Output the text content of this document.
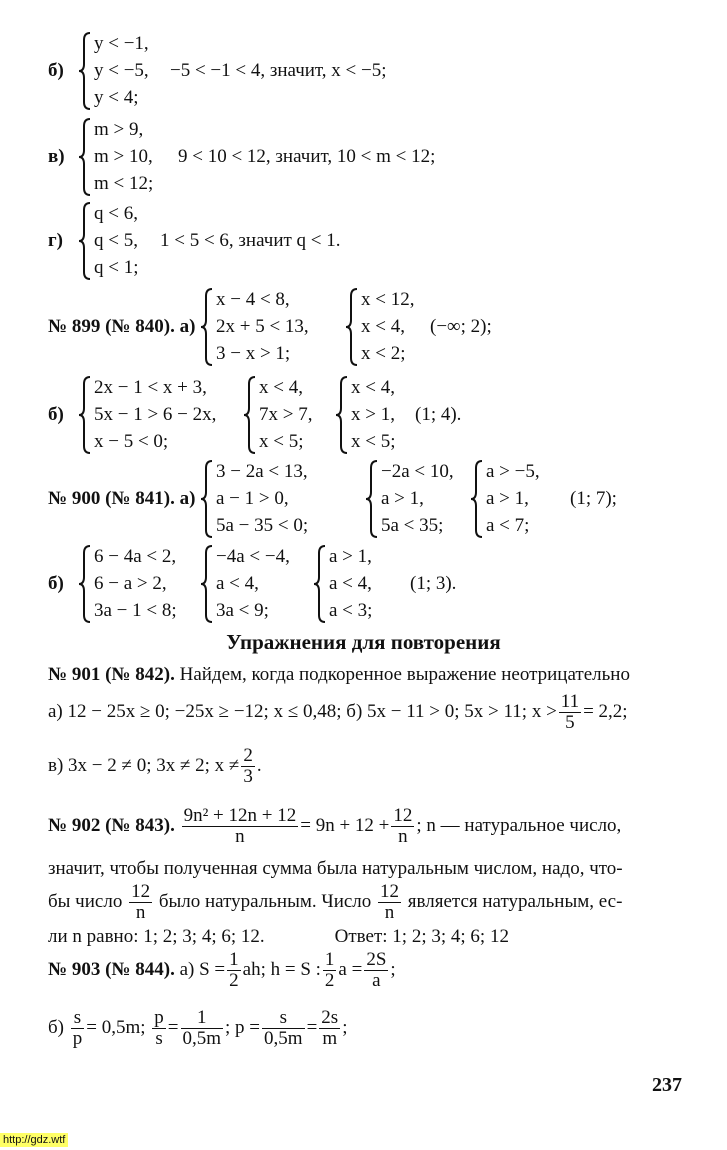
б)
y < −1,
y < −5,
y < 4;
−5 < −1 < 4, значит, x < −5;
в)
m > 9,
m > 10,
m < 12;
9 < 10 < 12, значит, 10 < m < 12;
г)
q < 6,
q < 5,
q < 1;
1 < 5 < 6, значит q < 1.
№ 899 (№ 840). а)
x − 4 < 8,
2x + 5 < 13,
3 − x > 1;
x < 12,
x < 4,
x < 2;
(−∞; 2);
б)
2x − 1 < x + 3,
5x − 1 > 6 − 2x,
x − 5 < 0;
x < 4,
7x > 7,
x < 5;
x < 4,
x > 1,
x < 5;
(1; 4).
№ 900 (№ 841). а)
3 − 2a < 13,
a − 1 > 0,
5a − 35 < 0;
−2a < 10,
a > 1,
5a < 35;
a > −5,
a > 1,
a < 7;
(1; 7);
б)
6 − 4a < 2,
6 − a > 2,
3a − 1 < 8;
−4a < −4,
a < 4,
3a < 9;
a > 1,
a < 4,
a < 3;
(1; 3).
Упражнения для повторения
№ 901 (№ 842). Найдем, когда подкоренное выражение неотрицательно
а) 12 − 25x ≥ 0; −25x ≥ −12; x ≤ 0,48; б) 5x − 11 > 0; 5x > 11; $x > \frac{11}{5} = 2,2$;
в) 3x − 2 ≠ 0; 3x ≠ 2; $x \ne \frac{2}{3}$ .
№ 902 (№ 843). $\frac{\text{9n² + 12n + 12}}{n} = 9n + 12 + \frac{12}{n}$ ; n — натуральное число,
значит, чтобы полученная сумма была натуральным числом, надо, что-
бы число $\frac{12}{n}$ было натуральным. Число $\frac{12}{n}$ является натуральным, ес-
ли n равно: 1; 2; 3; 4; 6; 12.	Ответ: 1; 2; 3; 4; 6; 12
№ 903 (№ 844). а) $S = \frac{1}{2}$ ah; h = S : $\frac{1}{2}$ $a = \frac{2S}{a}$ ;
$б) \frac{s}{p} = 0,5m$; $\frac{p}{s} = \frac{1}{0,5m}$ ; $p = \frac{s}{0,5m} = \frac{2s}{m}$ ;
237
http://gdz.wtf
